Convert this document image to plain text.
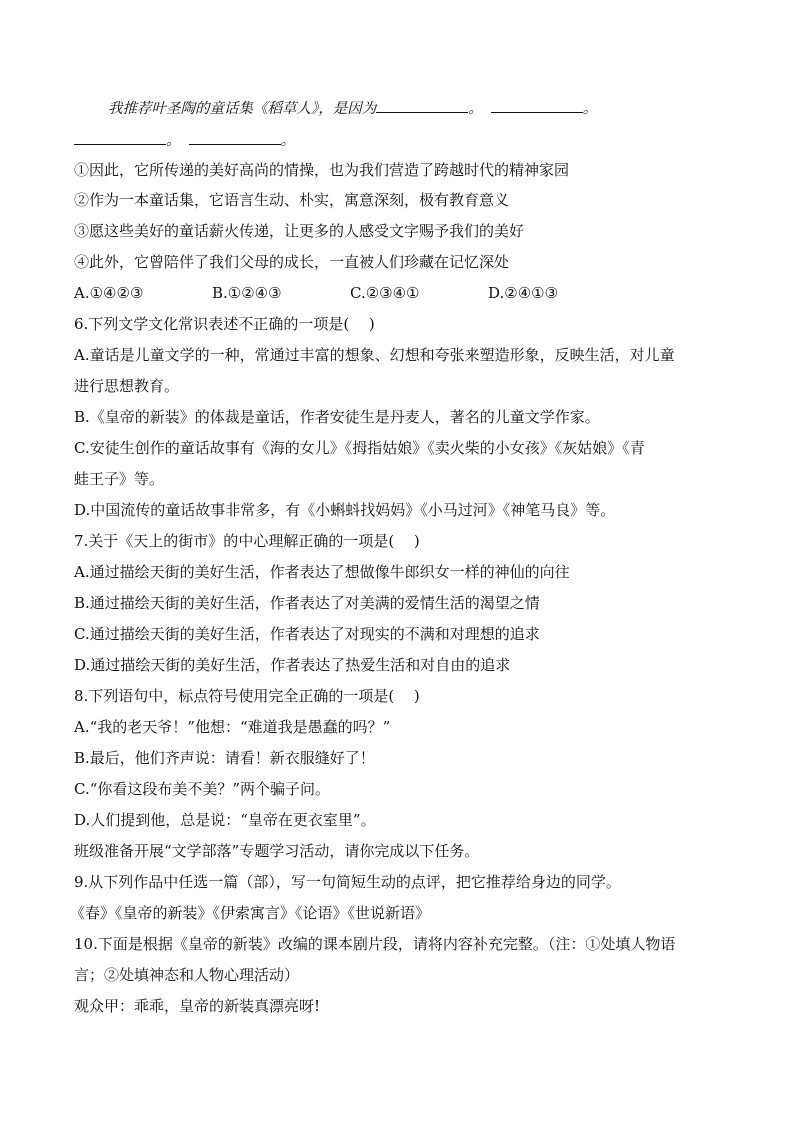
我推荐叶圣陶的童话集《稻草人》，是因为	。	。
。	。
①因此，它所传递的美好高尚的情操，也为我们营造了跨越时代的精神家园
②作为一本童话集，它语言生动、朴实，寓意深刻，极有教育意义
③愿这些美好的童话薪火传递，让更多的人感受文字赐予我们的美好
④此外，它曾陪伴了我们父母的成长，一直被人们珍藏在记忆深处
A.①④②③	B.①②④③	C.②③④①	D.②④①③
6.下列文学文化常识表述不正确的一项是(　 )
A.童话是儿童文学的一种，常通过丰富的想象、幻想和夸张来塑造形象，反映生活，对儿童
进行思想教育。
B.《皇帝的新装》的体裁是童话，作者安徒生是丹麦人，著名的儿童文学作家。
C.安徒生创作的童话故事有《海的女儿》《拇指姑娘》《卖火柴的小女孩》《灰姑娘》《青
蛙王子》等。
D.中国流传的童话故事非常多，有《小蝌蚪找妈妈》《小马过河》《神笔马良》等。
7.关于《天上的街市》的中心理解正确的一项是(　 )
A.通过描绘天街的美好生活，作者表达了想做像牛郎织女一样的神仙的向往
B.通过描绘天街的美好生活，作者表达了对美满的爱情生活的渴望之情
C.通过描绘天街的美好生活，作者表达了对现实的不满和对理想的追求
D.通过描绘天街的美好生活，作者表达了热爱生活和对自由的追求
8.下列语句中，标点符号使用完全正确的一项是(　 )
A.“我的老天爷！”他想：“难道我是愚蠢的吗？”
B.最后，他们齐声说：请看！新衣服缝好了！
C.“你看这段布美不美？”两个骗子问。
D.人们提到他，总是说：“皇帝在更衣室里”。
班级准备开展“文学部落”专题学习活动，请你完成以下任务。
9.从下列作品中任选一篇（部），写一句简短生动的点评，把它推荐给身边的同学。
《春》《皇帝的新装》《伊索寓言》《论语》《世说新语》
10.下面是根据《皇帝的新装》改编的课本剧片段，请将内容补充完整。（注：①处填人物语
言；②处填神态和人物心理活动）
观众甲：乖乖，皇帝的新装真漂亮呀!
